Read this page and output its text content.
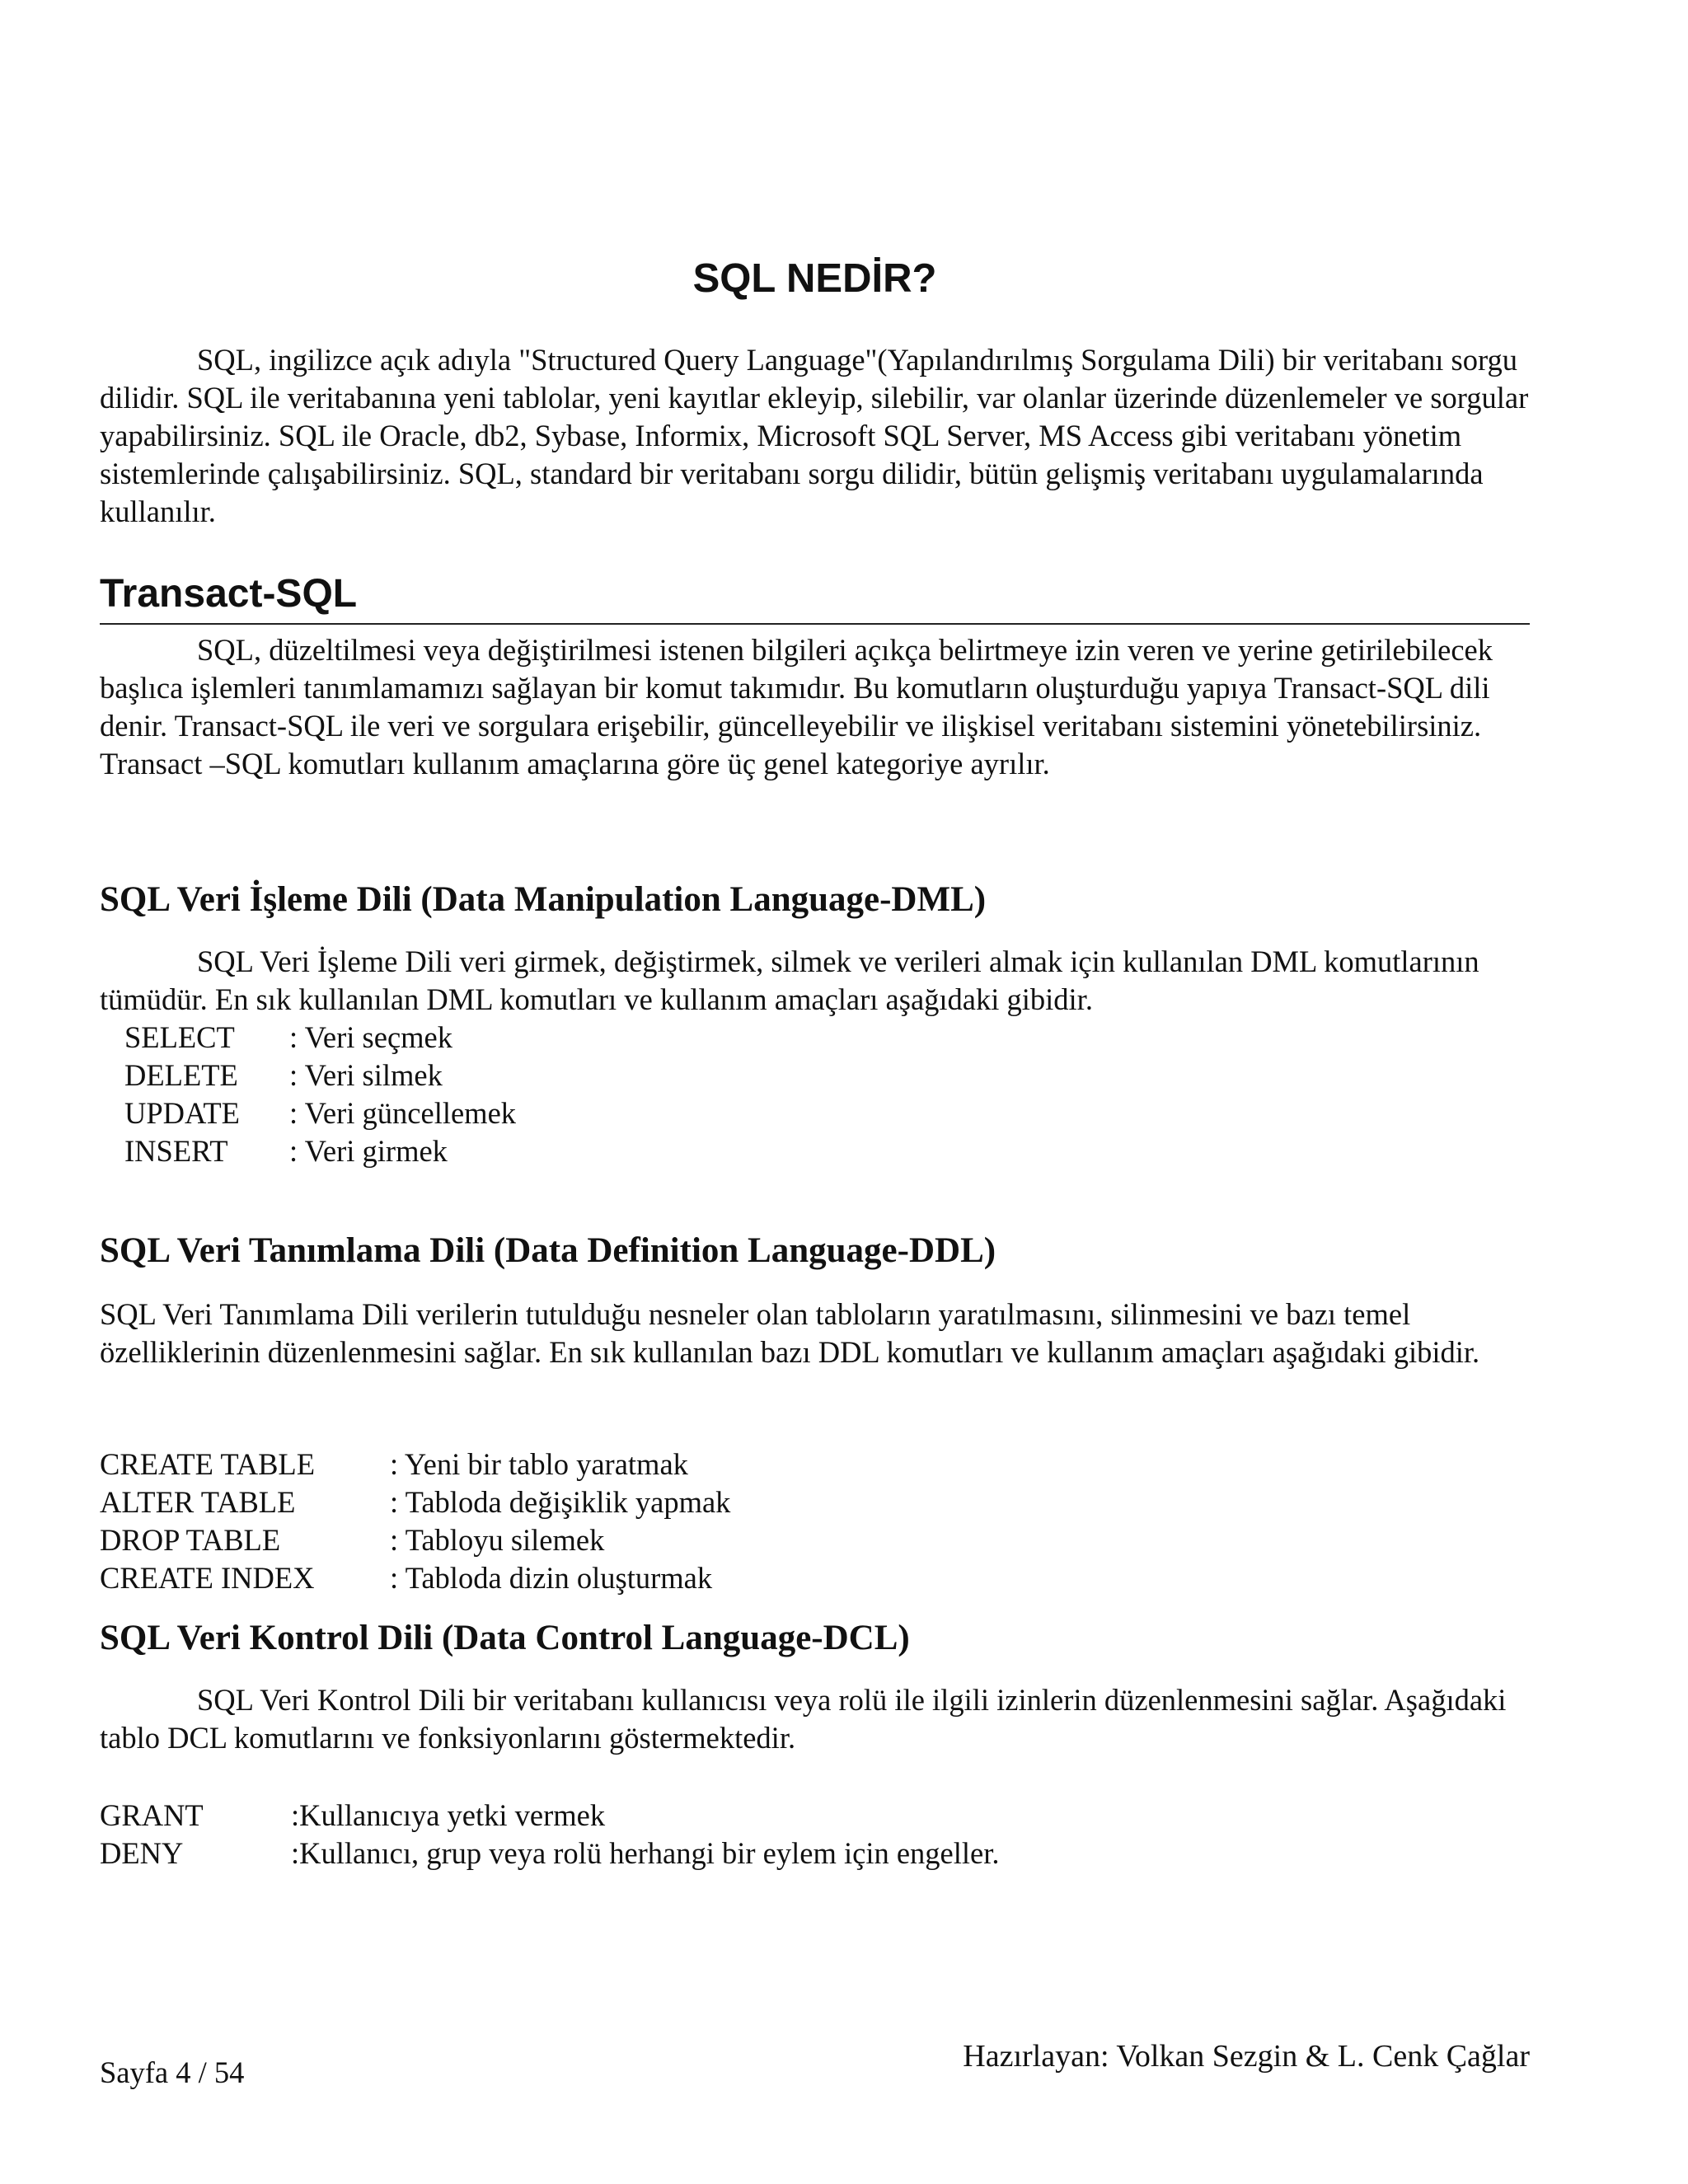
SQL NEDİR?

SQL, ingilizce açık adıyla "Structured Query Language"(Yapılandırılmış Sorgulama Dili) bir veritabanı sorgu dilidir. SQL ile veritabanına yeni tablolar, yeni kayıtlar ekleyip, silebilir, var olanlar üzerinde düzenlemeler ve sorgular yapabilirsiniz. SQL ile Oracle, db2, Sybase, Informix, Microsoft SQL Server, MS Access gibi veritabanı yönetim sistemlerinde çalışabilirsiniz. SQL, standard bir veritabanı sorgu dilidir, bütün gelişmiş veritabanı uygulamalarında kullanılır.

Transact-SQL

SQL, düzeltilmesi veya değiştirilmesi istenen bilgileri açıkça belirtmeye izin veren ve yerine getirilebilecek başlıca işlemleri tanımlamamızı sağlayan bir komut takımıdır. Bu komutların oluşturduğu yapıya Transact-SQL dili denir. Transact-SQL ile veri ve sorgulara erişebilir, güncelleyebilir ve ilişkisel veritabanı sistemini yönetebilirsiniz. Transact –SQL komutları kullanım amaçlarına göre üç genel kategoriye ayrılır.

SQL Veri İşleme Dili (Data Manipulation Language-DML)

SQL Veri İşleme Dili veri girmek, değiştirmek, silmek ve verileri almak için kullanılan DML komutlarının tümüdür. En sık kullanılan DML komutları ve kullanım amaçları aşağıdaki gibidir.

SELECT	: Veri seçmek
DELETE	: Veri silmek
UPDATE	: Veri güncellemek
INSERT	: Veri girmek
SQL Veri Tanımlama Dili (Data Definition Language-DDL)

SQL Veri Tanımlama Dili verilerin tutulduğu nesneler olan tabloların yaratılmasını, silinmesini ve bazı temel özelliklerinin düzenlenmesini sağlar. En sık kullanılan bazı DDL komutları ve kullanım amaçları aşağıdaki gibidir.

CREATE TABLE	: Yeni bir tablo yaratmak
ALTER TABLE	: Tabloda değişiklik yapmak
DROP TABLE	: Tabloyu silemek
CREATE INDEX	: Tabloda dizin oluşturmak
SQL Veri Kontrol Dili (Data Control Language-DCL)

SQL Veri Kontrol Dili bir veritabanı kullanıcısı veya rolü ile ilgili izinlerin düzenlenmesini sağlar. Aşağıdaki tablo DCL komutlarını ve fonksiyonlarını göstermektedir.

GRANT	:Kullanıcıya yetki vermek
DENY	:Kullanıcı, grup veya rolü herhangi bir eylem için engeller.

Sayfa 4 / 54	Hazırlayan: Volkan Sezgin & L. Cenk Çağlar
